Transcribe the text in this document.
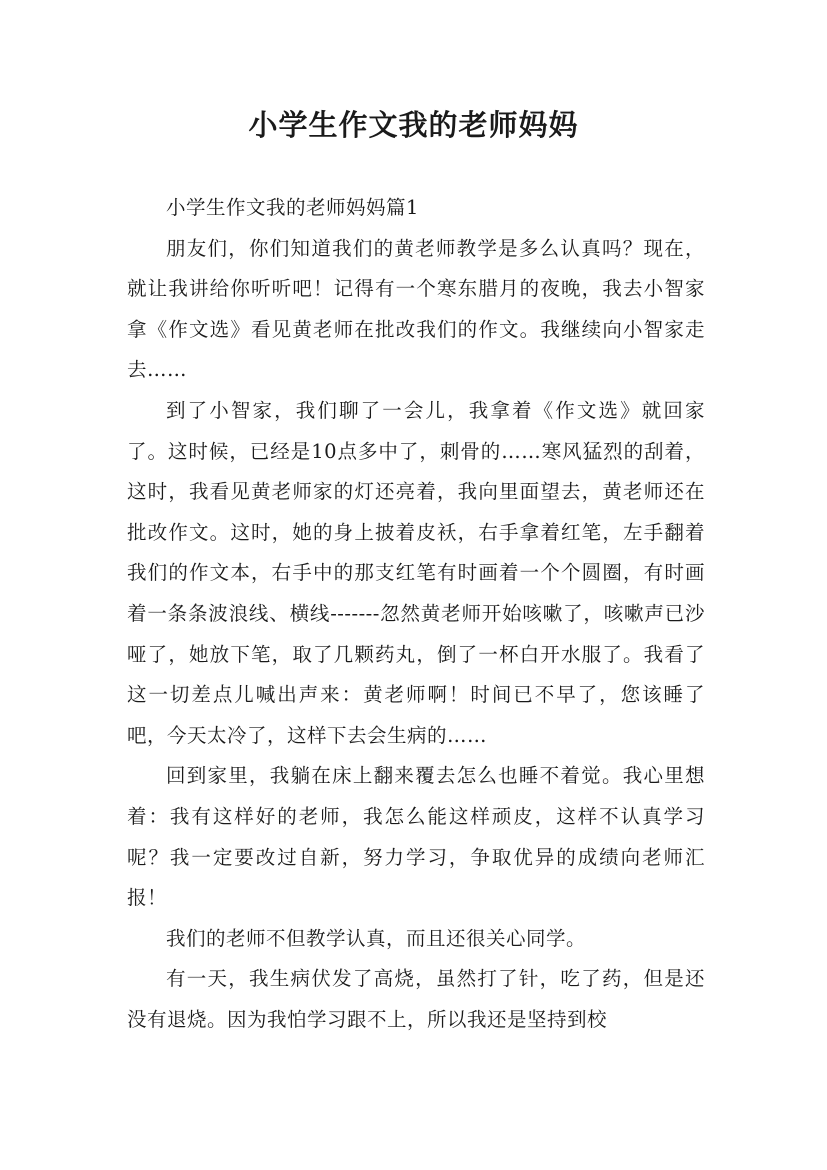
小学生作文我的老师妈妈

小学生作文我的老师妈妈篇1

朋友们，你们知道我们的黄老师教学是多么认真吗？现在，就让我讲给你听听吧！记得有一个寒东腊月的夜晚，我去小智家拿《作文选》看见黄老师在批改我们的作文。我继续向小智家走去……

到了小智家，我们聊了一会儿，我拿着《作文选》就回家了。这时候，已经是10点多中了，刺骨的……寒风猛烈的刮着，这时，我看见黄老师家的灯还亮着，我向里面望去，黄老师还在批改作文。这时，她的身上披着皮袄，右手拿着红笔，左手翻着我们的作文本，右手中的那支红笔有时画着一个个圆圈，有时画着一条条波浪线、横线-------忽然黄老师开始咳嗽了，咳嗽声已沙哑了，她放下笔，取了几颗药丸，倒了一杯白开水服了。我看了这一切差点儿喊出声来：黄老师啊！时间已不早了，您该睡了吧，今天太冷了，这样下去会生病的……

回到家里，我躺在床上翻来覆去怎么也睡不着觉。我心里想着：我有这样好的老师，我怎么能这样顽皮，这样不认真学习呢？我一定要改过自新，努力学习，争取优异的成绩向老师汇报！

我们的老师不但教学认真，而且还很关心同学。

有一天，我生病伏发了高烧，虽然打了针，吃了药，但是还没有退烧。因为我怕学习跟不上，所以我还是坚持到校
